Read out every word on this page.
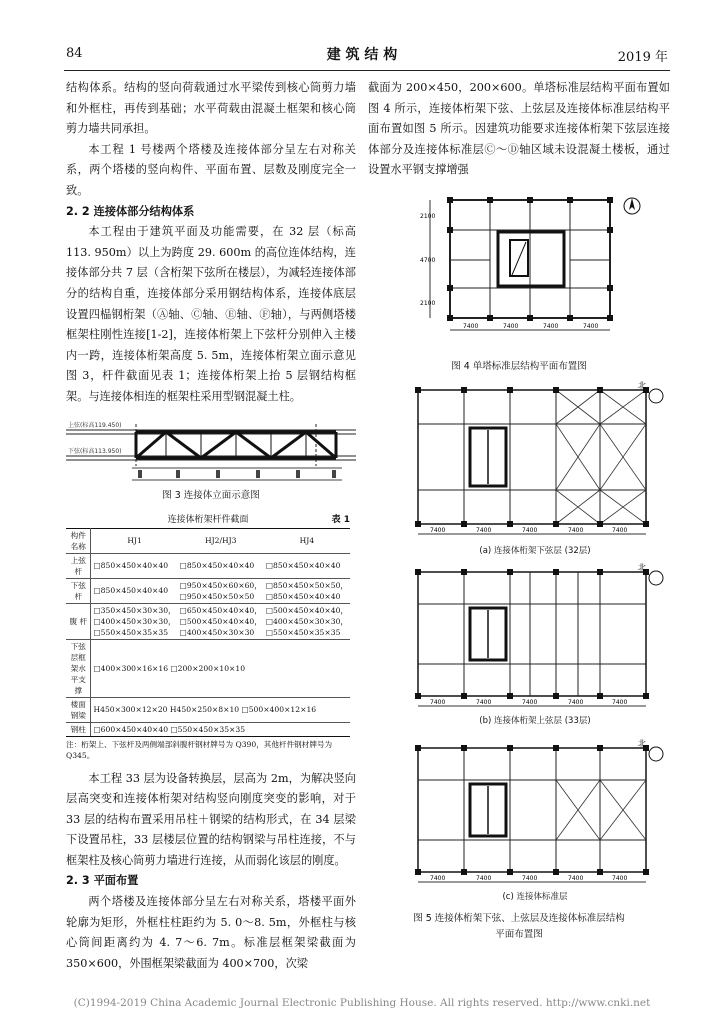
84	建 筑 结 构	2019 年

结构体系。结构的竖向荷载通过水平梁传到核心筒剪力墙和外框柱，再传到基础；水平荷载由混凝土框架和核心筒剪力墙共同承担。

本工程 1 号楼两个塔楼及连接体部分呈左右对称关系，两个塔楼的竖向构件、平面布置、层数及刚度完全一致。

2. 2 连接体部分结构体系

本工程由于建筑平面及功能需要，在 32 层（标高 113. 950m）以上为跨度 29. 600m 的高位连体结构，连接体部分共 7 层（含桁架下弦所在楼层），为减轻连接体部分的结构自重，连接体部分采用钢结构体系，连接体底层设置四榀钢桁架（Ⓐ轴、Ⓒ轴、Ⓔ轴、Ⓕ轴），与两侧塔楼框架柱刚性连接[1-2]，连接体桁架上下弦杆分别伸入主楼内一跨，连接体桁架高度 5. 5m，连接体桁架立面示意见图 3，杆件截面见表 1；连接体桁架上抬 5 层钢结构框架。与连接体相连的框架柱采用型钢混凝土柱。

上弦(标高119.450)
下弦(标高113.950)
图 3 连接体立面示意图
连接体桁架杆件截面	表 1
构件名称	HJ1	HJ2/HJ3	HJ4
上弦杆	□850×450×40×40	□850×450×40×40	□850×450×40×40
下弦杆	□850×450×40×40	□950×450×60×60，□950×450×50×50	□850×450×50×50，□850×450×40×40
腹 杆	□350×450×30×30，□400×450×30×30，□550×450×35×35	□650×450×40×40，□500×450×40×40，□400×450×30×30	□500×450×40×40，□400×450×30×30，□550×450×35×35
下弦层框架水平支撑	□400×300×16×16 □200×200×10×10		
楼面钢梁	H450×300×12×20 H450×250×8×10 □500×400×12×16		
钢柱	□600×450×40×40 □550×450×35×35		
注：桁架上、下弦杆及两侧端部斜腹杆钢材牌号为 Q390，其他杆件钢材牌号为 Q345。

本工程 33 层为设备转换层，层高为 2m，为解决竖向层高突变和连接体桁架对结构竖向刚度突变的影响，对于 33 层的结构布置采用吊柱＋钢梁的结构形式，在 34 层梁下设置吊柱，33 层楼层位置的结构钢梁与吊柱连接，不与框架柱及核心筒剪力墙进行连接，从而弱化该层的刚度。

2. 3 平面布置

两个塔楼及连接体部分呈左右对称关系，塔楼平面外轮廓为矩形，外框柱柱距约为 5. 0～8. 5m，外框柱与核心筒间距离约为 4. 7～6. 7m。标准层框架梁截面为 350×600，外围框架梁截面为 400×700，次梁

截面为 200×450，200×600。单塔标准层结构平面布置如图 4 所示，连接体桁架下弦、上弦层及连接体标准层结构平面布置如图 5 所示。因建筑功能要求连接体桁架下弦层连接体部分及连接体标准层Ⓒ～Ⓓ轴区域未设混凝土楼板，通过设置水平钢支撑增强

7400	7400	7400	7400
2100
4700
2100
图 4 单塔标准层结构平面布置图
7400	7400	7400	7400	7400
北
(a) 连接体桁架下弦层 (32层)
7400	7400	7400	7400	7400
北
(b) 连接体桁架上弦层 (33层)
7400	7400	7400	7400	7400
北
(c) 连接体标准层
图 5 连接体桁架下弦、上弦层及连接体标准层结构
平面布置图
(C)1994-2019 China Academic Journal Electronic Publishing House. All rights reserved. http://www.cnki.net
